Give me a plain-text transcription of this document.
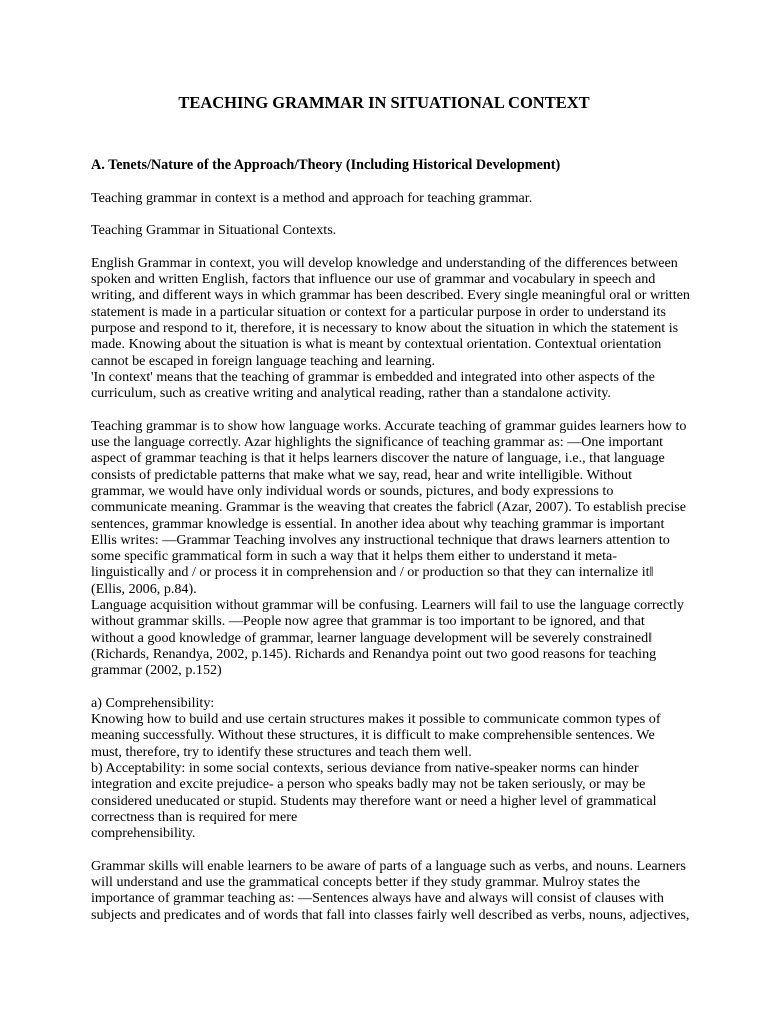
TEACHING GRAMMAR IN SITUATIONAL CONTEXT

A. Tenets/Nature of the Approach/Theory (Including Historical Development)

Teaching grammar in context is a method and approach for teaching grammar.

Teaching Grammar in Situational Contexts.

English Grammar in context, you will develop knowledge and understanding of the differences between

spoken and written English, factors that influence our use of grammar and vocabulary in speech and

writing, and different ways in which grammar has been described. Every single meaningful oral or written

statement is made in a particular situation or context for a particular purpose in order to understand its

purpose and respond to it, therefore, it is necessary to know about the situation in which the statement is

made. Knowing about the situation is what is meant by contextual orientation. Contextual orientation

cannot be escaped in foreign language teaching and learning.

'In context' means that the teaching of grammar is embedded and integrated into other aspects of the

curriculum, such as creative writing and analytical reading, rather than a standalone activity.

Teaching grammar is to show how language works. Accurate teaching of grammar guides learners how to

use the language correctly. Azar highlights the significance of teaching grammar as: —One important

aspect of grammar teaching is that it helps learners discover the nature of language, i.e., that language

consists of predictable patterns that make what we say, read, hear and write intelligible. Without

grammar, we would have only individual words or sounds, pictures, and body expressions to

communicate meaning. Grammar is the weaving that creates the fabric‖ (Azar, 2007). To establish precise

sentences, grammar knowledge is essential. In another idea about why teaching grammar is important

Ellis writes: —Grammar Teaching involves any instructional technique that draws learners attention to

some specific grammatical form in such a way that it helps them either to understand it meta-

linguistically and / or process it in comprehension and / or production so that they can internalize it‖

(Ellis, 2006, p.84).

Language acquisition without grammar will be confusing. Learners will fail to use the language correctly

without grammar skills. —People now agree that grammar is too important to be ignored, and that

without a good knowledge of grammar, learner language development will be severely constrained‖

(Richards, Renandya, 2002, p.145). Richards and Renandya point out two good reasons for teaching

grammar (2002, p.152)

a) Comprehensibility:

Knowing how to build and use certain structures makes it possible to communicate common types of

meaning successfully. Without these structures, it is difficult to make comprehensible sentences. We

must, therefore, try to identify these structures and teach them well.

b) Acceptability: in some social contexts, serious deviance from native-speaker norms can hinder

integration and excite prejudice- a person who speaks badly may not be taken seriously, or may be

considered uneducated or stupid. Students may therefore want or need a higher level of grammatical

correctness than is required for mere

comprehensibility.

Grammar skills will enable learners to be aware of parts of a language such as verbs, and nouns. Learners

will understand and use the grammatical concepts better if they study grammar. Mulroy states the

importance of grammar teaching as: —Sentences always have and always will consist of clauses with

subjects and predicates and of words that fall into classes fairly well described as verbs, nouns, adjectives,
